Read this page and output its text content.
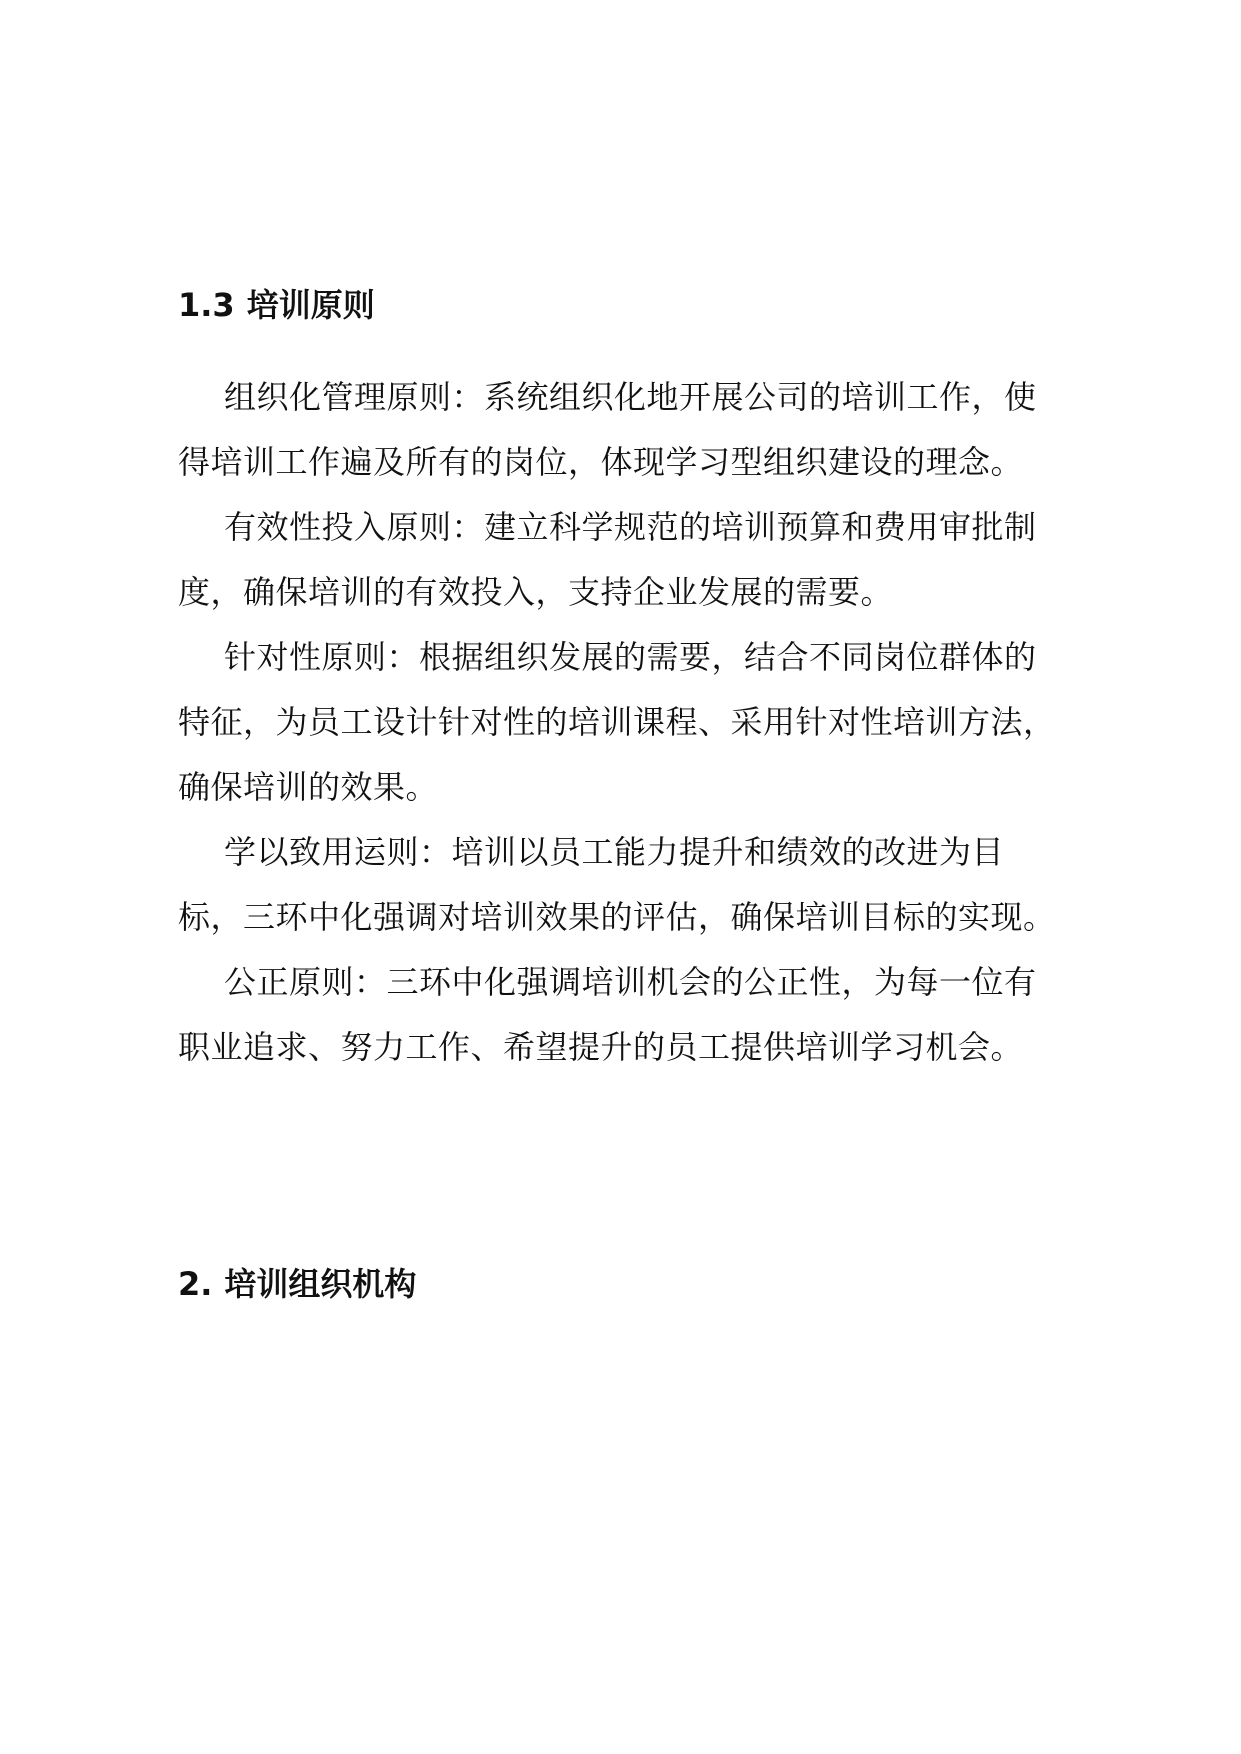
1.3 培训原则

组织化管理原则：系统组织化地开展公司的培训工作，使得培训工作遍及所有的岗位，体现学习型组织建设的理念。

有效性投入原则：建立科学规范的培训预算和费用审批制度，确保培训的有效投入，支持企业发展的需要。

针对性原则：根据组织发展的需要，结合不同岗位群体的特征，为员工设计针对性的培训课程、采用针对性培训方法，确保培训的效果。

学以致用运则：培训以员工能力提升和绩效的改进为目标，三环中化强调对培训效果的评估，确保培训目标的实现。

公正原则：三环中化强调培训机会的公正性，为每一位有职业追求、努力工作、希望提升的员工提供培训学习机会。

2. 培训组织机构
